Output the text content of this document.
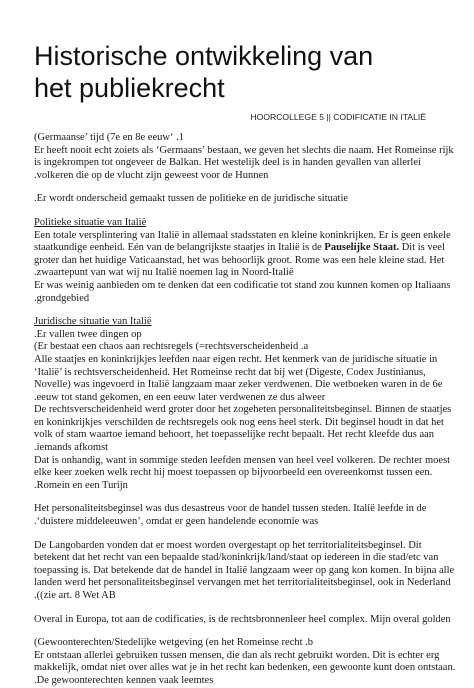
Historische ontwikkeling van
het publiekrecht
HOORCOLLEGE 5 || CODIFICATIE IN ITALIË
(Germaanse’ tijd (7e en 8e eeuw‘ .1
Er heeft nooit echt zoiets als ‘Germaans’ bestaan, we geven het slechts die naam. Het Romeinse rijk
is ingekrompen tot ongeveer de Balkan. Het westelijk deel is in handen gevallen van allerlei
.volkeren die op de vlucht zijn geweest voor de Hunnen
.Er wordt onderscheid gemaakt tussen de politieke en de juridische situatie
Politieke situatie van Italië
Een totale versplintering van Italië in allemaal stadsstaten en kleine koninkrijken. Er is geen enkele
staatkundige eenheid. Eén van de belangrijkste staatjes in Italië is de Pauselijke Staat. Dit is veel
groter dan het huidige Vaticaanstad, het was behoorlijk groot. Rome was een hele kleine stad. Het
.zwaartepunt van wat wij nu Italië noemen lag in Noord-Italië
Er was weinig aanbieden om te denken dat een codificatie tot stand zou kunnen komen op Italiaans
.grondgebied
Juridische situatie van Italië
.Er vallen twee dingen op
(Er bestaat een chaos aan rechtsregels (=rechtsverscheidenheid .a
Alle staatjes en koninkrijkjes leefden naar eigen recht. Het kenmerk van de juridische situatie in
‘Italië’ is rechtsverscheidenheid. Het Romeinse recht dat bij wet (Digeste, Codex Justinianus,
Novelle) was ingevoerd in Italië langzaam maar zeker verdwenen. Die wetboeken waren in de 6e
.eeuw tot stand gekomen, en een eeuw later verdwenen ze dus alweer
De rechtsverscheidenheid werd groter door het zogeheten personaliteitsbeginsel. Binnen de staatjes
en koninkrijkjes verschilden de rechtsregels ook nog eens heel sterk. Dit beginsel houdt in dat het
volk of stam waartoe iemand behoort, het toepasselijke recht bepaalt. Het recht kleefde dus aan
.iemands afkomst
Dat is onhandig, want in sommige steden leefden mensen van heel veel volkeren. De rechter moest
elke keer zoeken welk recht hij moest toepassen op bijvoorbeeld een overeenkomst tussen een.
.Romein en een Turijn
Het personaliteitsbeginsel was dus desastreus voor de handel tussen steden. Italië leefde in de
.‘duistere middeleeuwen’, omdat er geen handelende economie was
De Langobarden vonden dat er moest worden overgestapt op het territorialiteitsbeginsel. Dit
betekent dat het recht van een bepaalde stad/koninkrijk/land/staat op iedereen in die stad/etc van
toepassing is. Dat betekende dat de handel in Italië langzaam weer op gang kon komen. In bijna alle
landen werd het personaliteitsbeginsel vervangen met het territorialiteitsbeginsel, ook in Nederland
.((zie art. 8 Wet AB
Overal in Europa, tot aan de codificaties, is de rechtsbronnenleer heel complex. Mijn overal golden
(Gewoonterechten/Stedelijke wetgeving (en het Romeinse recht .b
Er ontstaan allerlei gebruiken tussen mensen, die dan als recht gebruikt worden. Dit is echter erg
makkelijk, omdat niet over alles wat je in het recht kan bedenken, een gewoonte kunt doen ontstaan.
.De gewoonterechten kennen vaak leemtes
